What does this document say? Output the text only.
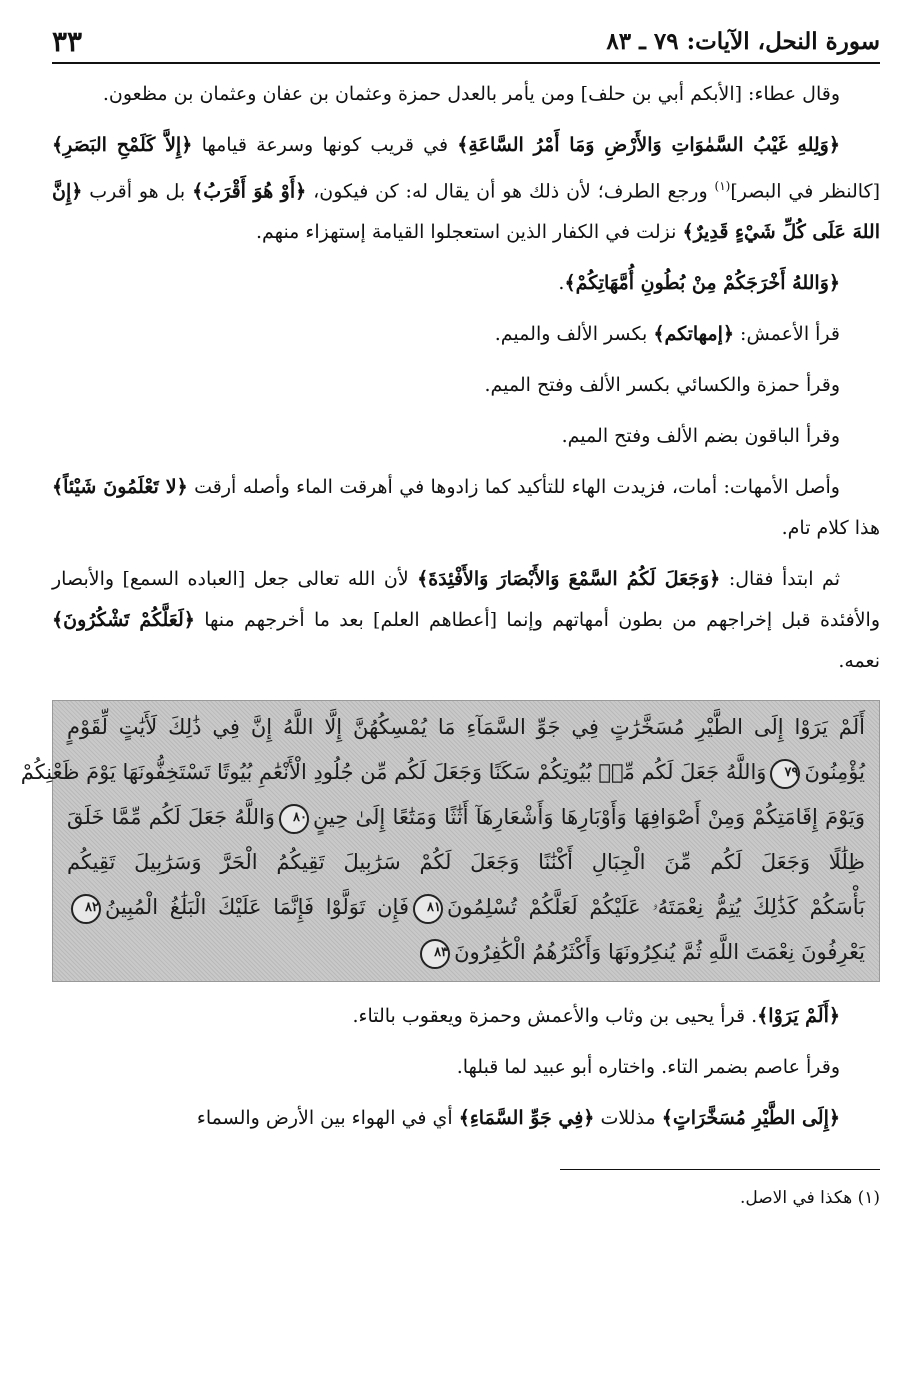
سورة النحل، الآيات: ٧٩ ـ ٨٣
٣٣

وقال عطاء: [الأبكم أبي بن حلف] ومن يأمر بالعدل حمزة وعثمان بن عفان وعثمان بن مظعون.

﴿وَلِلهِ غَيْبُ السَّمٰوَاتِ وَالأَرْضِ وَمَا أَمْرُ السَّاعَةِ﴾ في قريب كونها وسرعة قيامها ﴿إِلاَّ كَلَمْحِ البَصَرِ﴾ [كالنظر في البصر]$^{(١)}$ ورجع الطرف؛ لأن ذلك هو أن يقال له: كن فيكون، ﴿أَوْ هُوَ أَقْرَبُ﴾ بل هو أقرب ﴿إِنَّ اللهَ عَلَى كُلِّ شَيْءٍ قَدِيرٌ﴾ نزلت في الكفار الذين استعجلوا القيامة إستهزاء منهم.

﴿وَاللهُ أَخْرَجَكُمْ مِنْ بُطُونِ أُمَّهَاتِكُمْ﴾.

قرأ الأعمش: ﴿إمهاتكم﴾ بكسر الألف والميم.

وقرأ حمزة والكسائي بكسر الألف وفتح الميم.

وقرأ الباقون بضم الألف وفتح الميم.

وأصل الأمهات: أمات، فزيدت الهاء للتأكيد كما زادوها في أهرقت الماء وأصله أرقت ﴿لا تَعْلَمُونَ شَيْئاً﴾ هذا كلام تام.

ثم ابتدأ فقال: ﴿وَجَعَلَ لَكُمُ السَّمْعَ وَالأَبْصَارَ وَالأَفْئِدَةَ﴾ لأن الله تعالى جعل [العباده السمع] والأبصار والأفئدة قبل إخراجهم من بطون أمهاتهم وإنما [أعطاهم العلم] بعد ما أخرجهم منها ﴿لَعَلَّكُمْ تَشْكُرُونَ﴾ نعمه.

أَلَمْ يَرَوْا إِلَى الطَّيْرِ مُسَخَّرَٰتٍ فِي جَوِّ السَّمَآءِ مَا يُمْسِكُهُنَّ إِلَّا اللَّهُ إِنَّ فِي ذَٰلِكَ لَأَيَٰتٍ لِّقَوْمٍ
يُؤْمِنُونَ٧٩وَاللَّهُ جَعَلَ لَكُم مِّنۢ بُيُوتِكُمْ سَكَنًا وَجَعَلَ لَكُم مِّن جُلُودِ الْأَنْعَٰمِ بُيُوتًا تَسْتَخِفُّونَهَا يَوْمَ ظَعْنِكُمْ
وَيَوْمَ إِقَامَتِكُمْ وَمِنْ أَصْوَافِهَا وَأَوْبَارِهَا وَأَشْعَارِهَآ أَثَٰثًا وَمَتَٰعًا إِلَىٰ حِينٍ٨٠وَاللَّهُ جَعَلَ لَكُم مِّمَّا خَلَقَ
ظِلَٰلًا وَجَعَلَ لَكُم مِّنَ الْجِبَالِ أَكْنَٰنًا وَجَعَلَ لَكُمْ سَرَٰبِيلَ تَقِيكُمُ الْحَرَّ وَسَرَٰبِيلَ تَقِيكُم
بَأْسَكُمْ كَذَٰلِكَ يُتِمُّ نِعْمَتَهُۥ عَلَيْكُمْ لَعَلَّكُمْ تُسْلِمُونَ٨١فَإِن تَوَلَّوْا فَإِنَّمَا عَلَيْكَ الْبَلَٰغُ الْمُبِينُ٨٢
يَعْرِفُونَ نِعْمَتَ اللَّهِ ثُمَّ يُنكِرُونَهَا وَأَكْثَرُهُمُ الْكَٰفِرُونَ٨٣

﴿أَلَمْ يَرَوْا﴾. قرأ يحيى بن وثاب والأعمش وحمزة ويعقوب بالتاء.

وقرأ عاصم بضمر التاء. واختاره أبو عبيد لما قبلها.

﴿إِلَى الطَّيْرِ مُسَخَّرَاتٍ﴾ مذللات ﴿فِي جَوِّ السَّمَاءِ﴾ أي في الهواء بين الأرض والسماء

(١) هكذا في الاصل.
